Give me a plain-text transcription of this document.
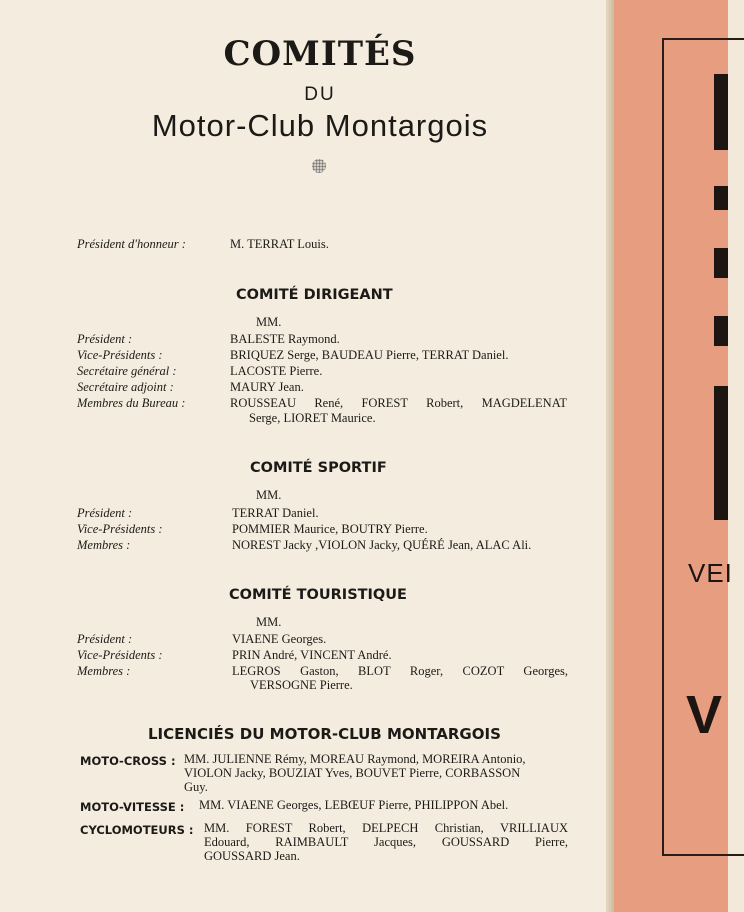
COMITÉS
DU
Motor-Club Montargois
Président d'honneur :	M. TERRAT Louis.
COMITÉ DIRIGEANT
MM.
Président :	BALESTE Raymond.
Vice-Présidents :	BRIQUEZ Serge, BAUDEAU Pierre, TERRAT Daniel.
Secrétaire général :	LACOSTE Pierre.
Secrétaire adjoint :	MAURY Jean.
Membres du Bureau :	ROUSSEAU René, FOREST Robert, MAGDELENAT
Serge, LIORET Maurice.
COMITÉ SPORTIF
MM.
Président :	TERRAT Daniel.
Vice-Présidents :	POMMIER Maurice, BOUTRY Pierre.
Membres :	NOREST Jacky ,VIOLON Jacky, QUÉRÉ Jean, ALAC Ali.
COMITÉ TOURISTIQUE
MM.
Président :	VIAENE Georges.
Vice-Présidents :	PRIN André, VINCENT André.
Membres :	LEGROS Gaston, BLOT Roger, COZOT Georges,
VERSOGNE Pierre.
LICENCIÉS DU MOTOR-CLUB MONTARGOIS
MOTO-CROSS : MM. JULIENNE Rémy, MOREAU Raymond, MOREIRA Antonio,
VIOLON Jacky, BOUZIAT Yves, BOUVET Pierre, CORBASSON
Guy.
MOTO-VITESSE : MM. VIAENE Georges, LEBŒUF Pierre, PHILIPPON Abel.
CYCLOMOTEURS : MM. FOREST Robert, DELPECH Christian, VRILLIAUX
Edouard, RAIMBAULT Jacques, GOUSSARD Pierre,
GOUSSARD Jean.
VEI
V
